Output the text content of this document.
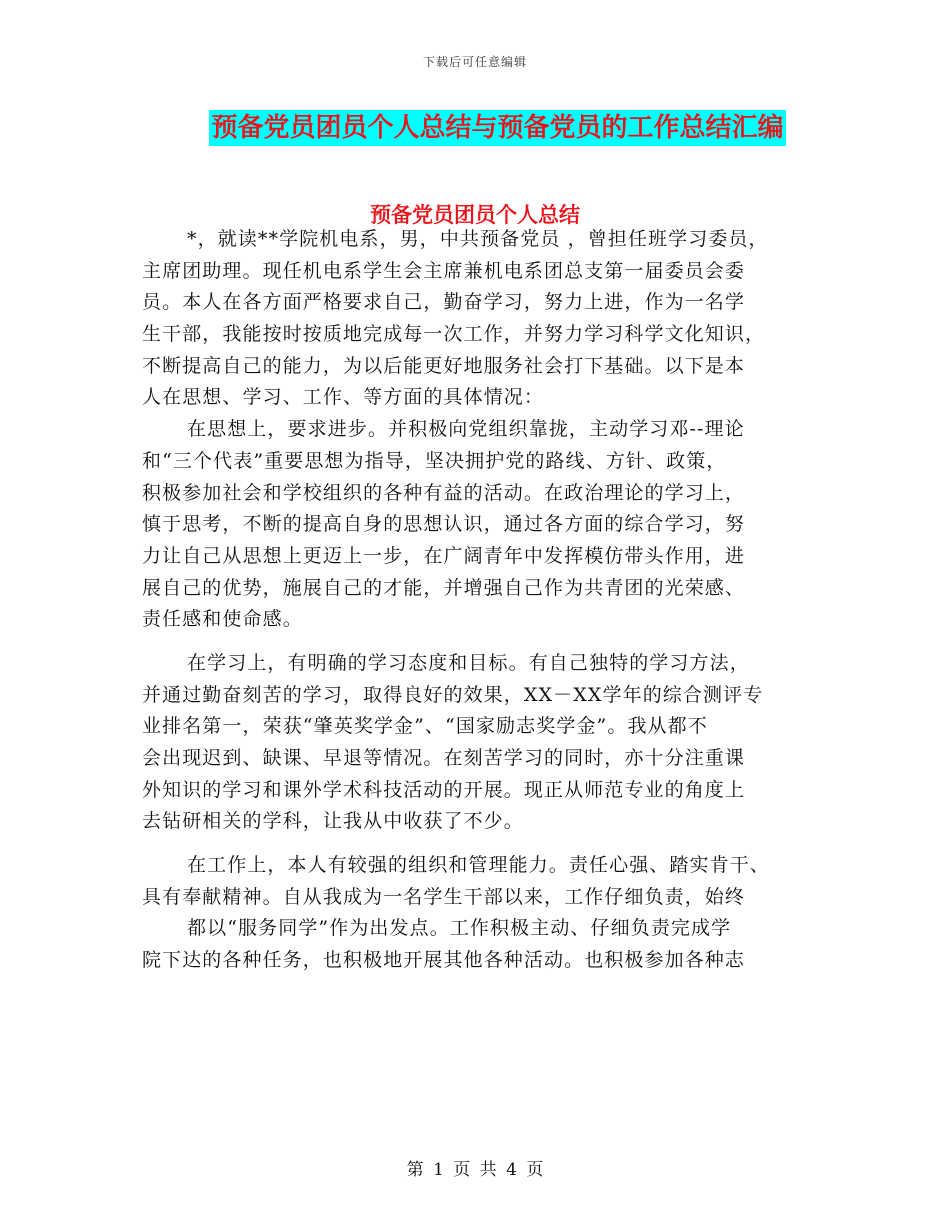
下载后可任意编辑
预备党员团员个人总结与预备党员的工作总结汇编
预备党员团员个人总结
*，就读**学院机电系，男，中共预备党员 ，曾担任班学习委员，
主席团助理。现任机电系学生会主席兼机电系团总支第一届委员会委
员。本人在各方面严格要求自己，勤奋学习，努力上进，作为一名学
生干部，我能按时按质地完成每一次工作，并努力学习科学文化知识，
不断提高自己的能力，为以后能更好地服务社会打下基础。以下是本
人在思想、学习、工作、等方面的具体情况：
在思想上，要求进步。并积极向党组织靠拢，主动学习邓--理论
和“三个代表”重要思想为指导，坚决拥护党的路线、方针、政策，
积极参加社会和学校组织的各种有益的活动。在政治理论的学习上，
慎于思考，不断的提高自身的思想认识，通过各方面的综合学习，努
力让自己从思想上更迈上一步，在广阔青年中发挥模仿带头作用，进
展自己的优势，施展自己的才能，并增强自己作为共青团的光荣感、
责任感和使命感。
在学习上，有明确的学习态度和目标。有自己独特的学习方法，
并通过勤奋刻苦的学习，取得良好的效果，XX－XX学年的综合测评专
业排名第一，荣获“肇英奖学金”、“国家励志奖学金”。我从都不
会出现迟到、缺课、早退等情况。在刻苦学习的同时，亦十分注重课
外知识的学习和课外学术科技活动的开展。现正从师范专业的角度上
去钻研相关的学科，让我从中收获了不少。
在工作上，本人有较强的组织和管理能力。责任心强、踏实肯干、
具有奉献精神。自从我成为一名学生干部以来，工作仔细负责，始终
都以“服务同学”作为出发点。工作积极主动、仔细负责完成学
院下达的各种任务，也积极地开展其他各种活动。也积极参加各种志
第 1 页 共 4 页
